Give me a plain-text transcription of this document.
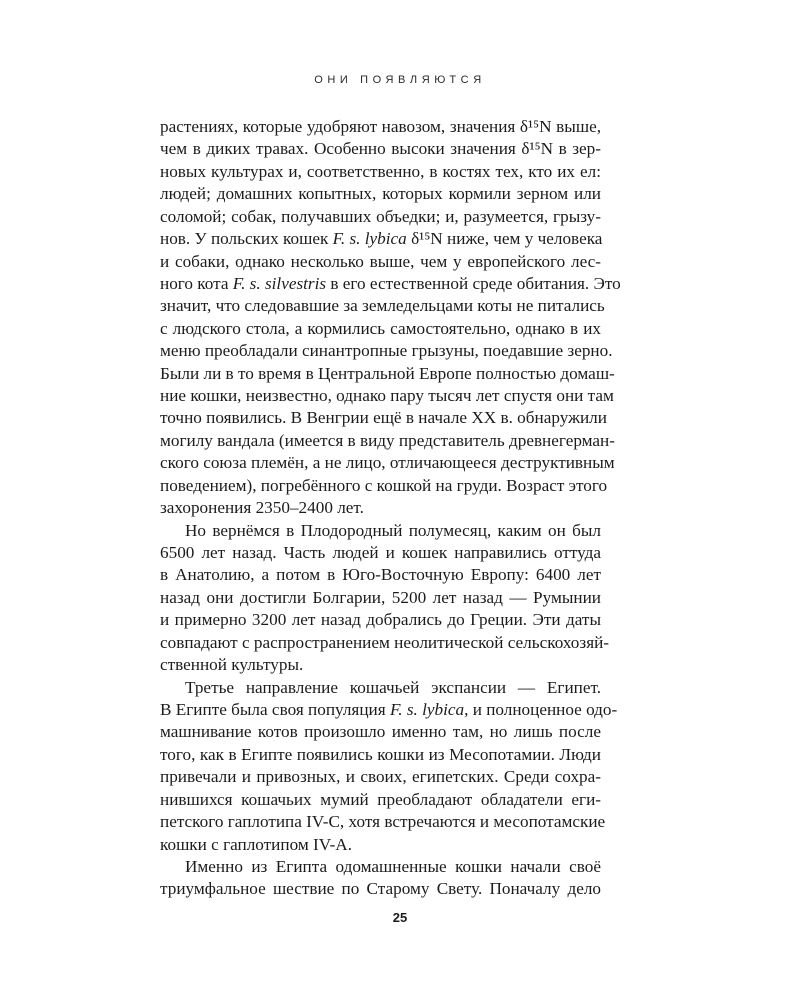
ОНИ ПОЯВЛЯЮТСЯ
растениях, которые удобряют навозом, значения δ¹⁵N выше,
чем в диких травах. Особенно высоки значения δ¹⁵N в зер-
новых культурах и, соответственно, в костях тех, кто их ел:
людей; домашних копытных, которых кормили зерном или
соломой; собак, получавших объедки; и, разумеется, грызу-
нов. У польских кошек F. s. lybica δ¹⁵N ниже, чем у человека
и собаки, однако несколько выше, чем у европейского лес-
ного кота F. s. silvestris в его естественной среде обитания. Это
значит, что следовавшие за земледельцами коты не питались
с людского стола, а кормились самостоятельно, однако в их
меню преобладали синантропные грызуны, поедавшие зерно.
Были ли в то время в Центральной Европе полностью домаш-
ние кошки, неизвестно, однако пару тысяч лет спустя они там
точно появились. В Венгрии ещё в начале XX в. обнаружили
могилу вандала (имеется в виду представитель древнегерман-
ского союза племён, а не лицо, отличающееся деструктивным
поведением), погребённого с кошкой на груди. Возраст этого
захоронения 2350–2400 лет.
Но вернёмся в Плодородный полумесяц, каким он был
6500 лет назад. Часть людей и кошек направились оттуда
в Анатолию, а потом в Юго-Восточную Европу: 6400 лет
назад они достигли Болгарии, 5200 лет назад — Румынии
и примерно 3200 лет назад добрались до Греции. Эти даты
совпадают с распространением неолитической сельскохозяй-
ственной культуры.
Третье направление кошачьей экспансии — Египет.
В Египте была своя популяция F. s. lybica, и полноценное одо-
машнивание котов произошло именно там, но лишь после
того, как в Египте появились кошки из Месопотамии. Люди
привечали и привозных, и своих, египетских. Среди сохра-
нившихся кошачьих мумий преобладают обладатели еги-
петского гаплотипа IV-C, хотя встречаются и месопотамские
кошки с гаплотипом IV-A.
Именно из Египта одомашненные кошки начали своё
триумфальное шествие по Старому Свету. Поначалу дело
25
